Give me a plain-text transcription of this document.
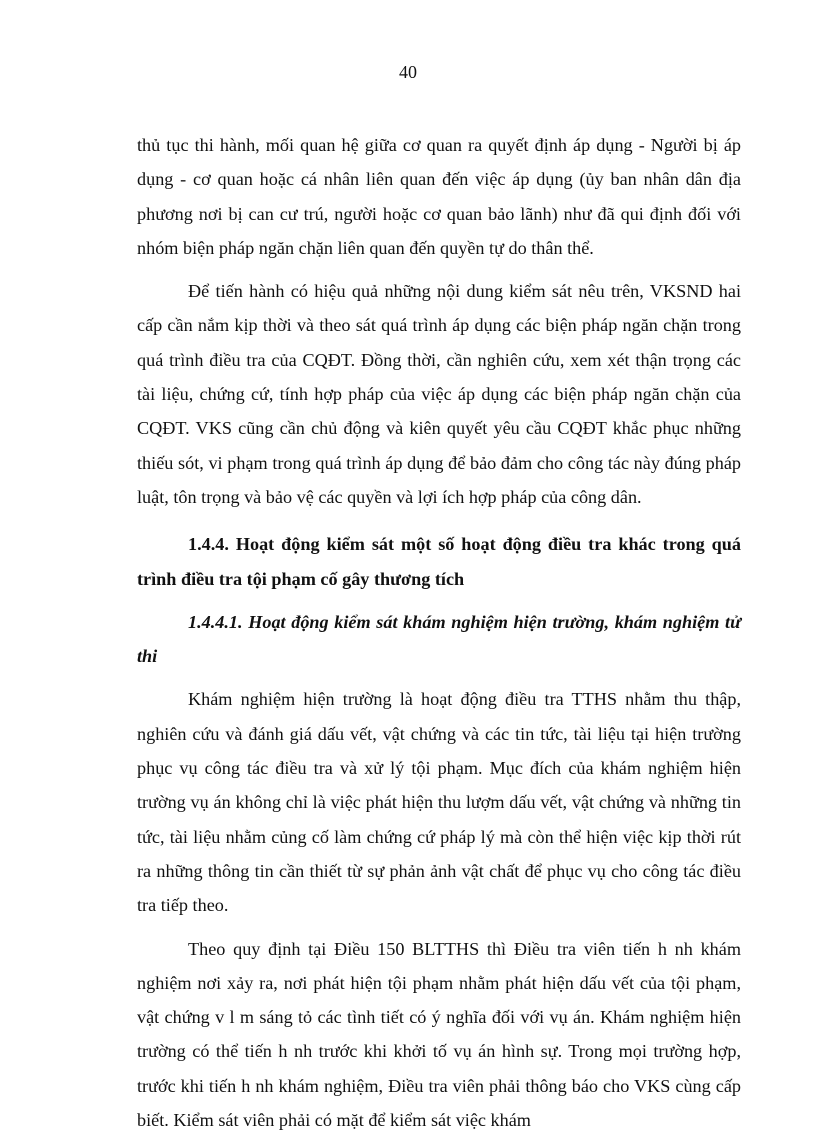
40

thủ tục thi hành, mối quan hệ giữa cơ quan ra quyết định áp dụng - Người bị áp dụng - cơ quan hoặc cá nhân liên quan đến việc áp dụng (ủy ban nhân dân địa phương nơi bị can cư trú, người hoặc cơ quan bảo lãnh) như đã qui định đối với nhóm biện pháp ngăn chặn liên quan đến quyền tự do thân thể.

Để tiến hành có hiệu quả những nội dung kiểm sát nêu trên, VKSND hai cấp cần nắm kịp thời và theo sát quá trình áp dụng các biện pháp ngăn chặn trong quá trình điều tra của CQĐT. Đồng thời, cần nghiên cứu, xem xét thận trọng các tài liệu, chứng cứ, tính hợp pháp của việc áp dụng các biện pháp ngăn chặn của CQĐT. VKS cũng cần chủ động và kiên quyết yêu cầu CQĐT khắc phục những thiếu sót, vi phạm trong quá trình áp dụng để bảo đảm cho công tác này đúng pháp luật, tôn trọng và bảo vệ các quyền và lợi ích hợp pháp của công dân.

1.4.4. Hoạt động kiểm sát một số hoạt động điều tra khác trong quá trình điều tra tội phạm cố gây thương tích

1.4.4.1. Hoạt động kiểm sát khám nghiệm hiện trường, khám nghiệm tử thi

Khám nghiệm hiện trường là hoạt động điều tra TTHS nhằm thu thập, nghiên cứu và đánh giá dấu vết, vật chứng và các tin tức, tài liệu tại hiện trường phục vụ công tác điều tra và xử lý tội phạm. Mục đích của khám nghiệm hiện trường vụ án không chỉ là việc phát hiện thu lượm dấu vết, vật chứng và những tin tức, tài liệu nhằm củng cố làm chứng cứ pháp lý mà còn thể hiện việc kịp thời rút ra những thông tin cần thiết từ sự phản ảnh vật chất để phục vụ cho công tác điều tra tiếp theo.

Theo quy định tại Điều 150 BLTTHS thì Điều tra viên tiến h nh khám nghiệm nơi xảy ra, nơi phát hiện tội phạm nhằm phát hiện dấu vết của tội phạm, vật chứng v l m sáng tỏ các tình tiết có ý nghĩa đối với vụ án. Khám nghiệm hiện trường có thể tiến h nh trước khi khởi tố vụ án hình sự. Trong mọi trường hợp, trước khi tiến h nh khám nghiệm, Điều tra viên phải thông báo cho VKS cùng cấp biết. Kiểm sát viên phải có mặt để kiểm sát việc khám
